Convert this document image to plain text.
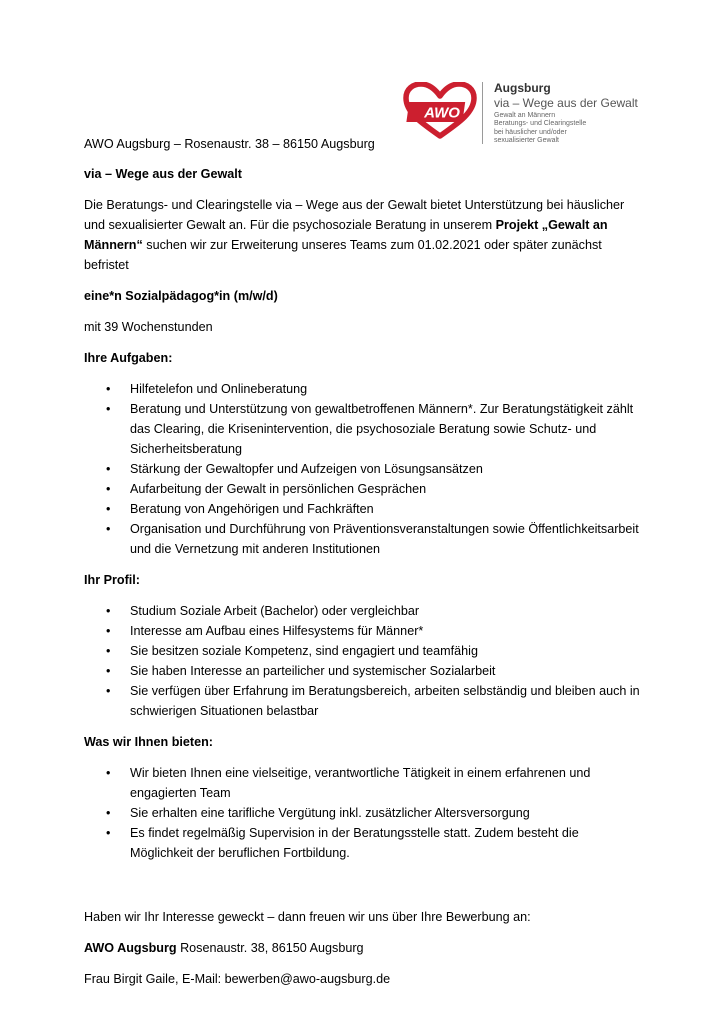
AWO
Augsburg
via – Wege aus der Gewalt
Gewalt an Männern
Beratungs- und Clearingstelle
bei häuslicher und/oder
sexualisierter Gewalt

AWO Augsburg – Rosenaustr. 38 – 86150 Augsburg

via – Wege aus der Gewalt

Die Beratungs- und Clearingstelle via – Wege aus der Gewalt bietet Unterstützung bei häuslicher und sexualisierter Gewalt an. Für die psychosoziale Beratung in unserem Projekt „Gewalt an Männern“ suchen wir zur Erweiterung unseres Teams zum 01.02.2021 oder später zunächst befristet

eine*n Sozialpädagog*in (m/w/d)

mit 39 Wochenstunden

Ihre Aufgaben:

• Hilfetelefon und Onlineberatung
• Beratung und Unterstützung von gewaltbetroffenen Männern*. Zur Beratungstätigkeit zählt das Clearing, die Krisenintervention, die psychosoziale Beratung sowie Schutz- und Sicherheitsberatung
• Stärkung der Gewaltopfer und Aufzeigen von Lösungsansätzen
• Aufarbeitung der Gewalt in persönlichen Gesprächen
• Beratung von Angehörigen und Fachkräften
• Organisation und Durchführung von Präventionsveranstaltungen sowie Öffentlichkeitsarbeit und die Vernetzung mit anderen Institutionen

Ihr Profil:

• Studium Soziale Arbeit (Bachelor) oder vergleichbar
• Interesse am Aufbau eines Hilfesystems für Männer*
• Sie besitzen soziale Kompetenz, sind engagiert und teamfähig
• Sie haben Interesse an parteilicher und systemischer Sozialarbeit
• Sie verfügen über Erfahrung im Beratungsbereich, arbeiten selbständig und bleiben auch in schwierigen Situationen belastbar

Was wir Ihnen bieten:

• Wir bieten Ihnen eine vielseitige, verantwortliche Tätigkeit in einem erfahrenen und engagierten Team
• Sie erhalten eine tarifliche Vergütung inkl. zusätzlicher Altersversorgung
• Es findet regelmäßig Supervision in der Beratungsstelle statt. Zudem besteht die Möglichkeit der beruflichen Fortbildung.

Haben wir Ihr Interesse geweckt – dann freuen wir uns über Ihre Bewerbung an:

AWO Augsburg Rosenaustr. 38, 86150 Augsburg

Frau Birgit Gaile, E-Mail: bewerben@awo-augsburg.de
